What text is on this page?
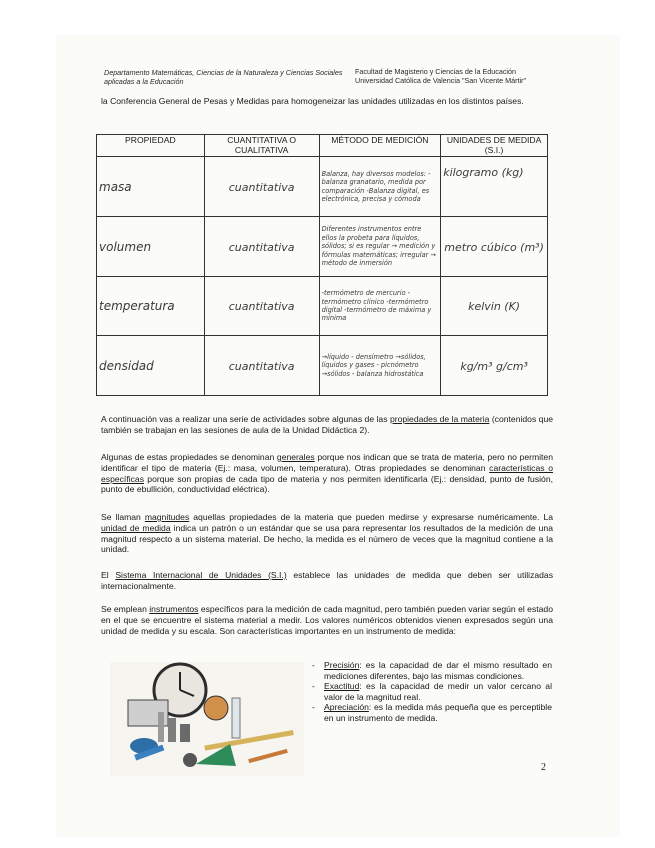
Departamento Matemáticas, Ciencias de la Naturaleza y Ciencias Sociales aplicadas a la Educación
Facultad de Magisterio y Ciencias de la Educación
Universidad Católica de Valencia "San Vicente Mártir"
la Conferencia General de Pesas y Medidas para homogeneizar las unidades utilizadas en los distintos países.
PROPIEDAD	CUANTITATIVA O CUALITATIVA	MÉTODO DE MEDICIÓN	UNIDADES DE MEDIDA (S.I.)
masa	cuantitativa	Balanza, hay diversos modelos: -balanza granatario, medida por comparación -Balanza digital, es electrónica, precisa y cómoda	kilogramo (kg)
volumen	cuantitativa	Diferentes instrumentos entre ellos la probeta para líquidos, sólidos; si es regular → medición y fórmulas matemáticas; irregular → método de inmersión	metro cúbico (m³)
temperatura	cuantitativa	-termómetro de mercurio -termómetro clínico -termómetro digital -termómetro de máxima y mínima	kelvin (K)
densidad	cuantitativa	→líquido - densímetro →sólidos, líquidos y gases - picnómetro →sólidos - balanza hidrostática	kg/m³ g/cm³
A continuación vas a realizar una serie de actividades sobre algunas de las propiedades de la materia (contenidos que también se trabajan en las sesiones de aula de la Unidad Didáctica 2).
Algunas de estas propiedades se denominan generales porque nos indican que se trata de materia, pero no permiten identificar el tipo de materia (Ej.: masa, volumen, temperatura). Otras propiedades se denominan características o específicas porque son propias de cada tipo de materia y nos permiten identificarla (Ej.: densidad, punto de fusión, punto de ebullición, conductividad eléctrica).
Se llaman magnitudes aquellas propiedades de la materia que pueden medirse y expresarse numéricamente. La unidad de medida indica un patrón o un estándar que se usa para representar los resultados de la medición de una magnitud respecto a un sistema material. De hecho, la medida es el número de veces que la magnitud contiene a la unidad.
El Sistema Internacional de Unidades (S.I.) establece las unidades de medida que deben ser utilizadas internacionalmente.
Se emplean instrumentos específicos para la medición de cada magnitud, pero también pueden variar según el estado en el que se encuentre el sistema material a medir. Los valores numéricos obtenidos vienen expresados según una unidad de medida y su escala. Son características importantes en un instrumento de medida:
- Precisión: es la capacidad de dar el mismo resultado en mediciones diferentes, bajo las mismas condiciones.
- Exactitud: es la capacidad de medir un valor cercano al valor de la magnitud real.
- Apreciación: es la medida más pequeña que es perceptible en un instrumento de medida.
2
